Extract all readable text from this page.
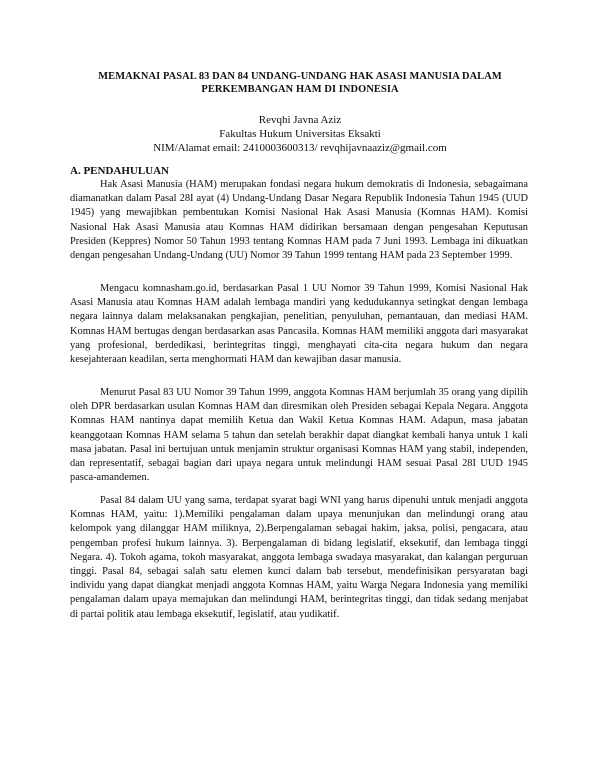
MEMAKNAI PASAL 83 DAN 84 UNDANG-UNDANG HAK ASASI MANUSIA DALAM PERKEMBANGAN HAM DI INDONESIA
Revqhi Javna Aziz
Fakultas Hukum Universitas Eksakti
NIM/Alamat email: 2410003600313/ revqhijavnaaziz@gmail.com
A. PENDAHULUAN

Hak Asasi Manusia (HAM) merupakan fondasi negara hukum demokratis di Indonesia, sebagaimana diamanatkan dalam Pasal 28I ayat (4) Undang-Undang Dasar Negara Republik Indonesia Tahun 1945 (UUD 1945) yang mewajibkan pembentukan Komisi Nasional Hak Asasi Manusia (Komnas HAM). Komisi Nasional Hak Asasi Manusia atau Komnas HAM didirikan bersamaan dengan pengesahan Keputusan Presiden (Keppres) Nomor 50 Tahun 1993 tentang Komnas HAM pada 7 Juni 1993. Lembaga ini dikuatkan dengan pengesahan Undang-Undang (UU) Nomor 39 Tahun 1999 tentang HAM pada 23 September 1999.

Mengacu komnasham.go.id, berdasarkan Pasal 1 UU Nomor 39 Tahun 1999, Komisi Nasional Hak Asasi Manusia atau Komnas HAM adalah lembaga mandiri yang kedudukannya setingkat dengan lembaga negara lainnya dalam melaksanakan pengkajian, penelitian, penyuluhan, pemantauan, dan mediasi HAM. Komnas HAM bertugas dengan berdasarkan asas Pancasila. Komnas HAM memiliki anggota dari masyarakat yang profesional, berdedikasi, berintegritas tinggi, menghayati cita-cita negara hukum dan negara kesejahteraan keadilan, serta menghormati HAM dan kewajiban dasar manusia.

Menurut Pasal 83 UU Nomor 39 Tahun 1999, anggota Komnas HAM berjumlah 35 orang yang dipilih oleh DPR berdasarkan usulan Komnas HAM dan diresmikan oleh Presiden sebagai Kepala Negara. Anggota Komnas HAM nantinya dapat memilih Ketua dan Wakil Ketua Komnas HAM. Adapun, masa jabatan keanggotaan Komnas HAM selama 5 tahun dan setelah berakhir dapat diangkat kembali hanya untuk 1 kali masa jabatan. Pasal ini bertujuan untuk menjamin struktur organisasi Komnas HAM yang stabil, independen, dan representatif, sebagai bagian dari upaya negara untuk melindungi HAM sesuai Pasal 28I UUD 1945 pasca-amandemen.

Pasal 84 dalam UU yang sama, terdapat syarat bagi WNI yang harus dipenuhi untuk menjadi anggota Komnas HAM, yaitu: 1).Memiliki pengalaman dalam upaya menunjukan dan melindungi orang atau kelompok yang dilanggar HAM miliknya, 2).Berpengalaman sebagai hakim, jaksa, polisi, pengacara, atau pengemban profesi hukum lainnya. 3). Berpengalaman di bidang legislatif, eksekutif, dan lembaga tinggi Negara. 4). Tokoh agama, tokoh masyarakat, anggota lembaga swadaya masyarakat, dan kalangan perguruan tinggi. Pasal 84, sebagai salah satu elemen kunci dalam bab tersebut, mendefinisikan persyaratan bagi individu yang dapat diangkat menjadi anggota Komnas HAM, yaitu Warga Negara Indonesia yang memiliki pengalaman dalam upaya memajukan dan melindungi HAM, berintegritas tinggi, dan tidak sedang menjabat di partai politik atau lembaga eksekutif, legislatif, atau yudikatif.
